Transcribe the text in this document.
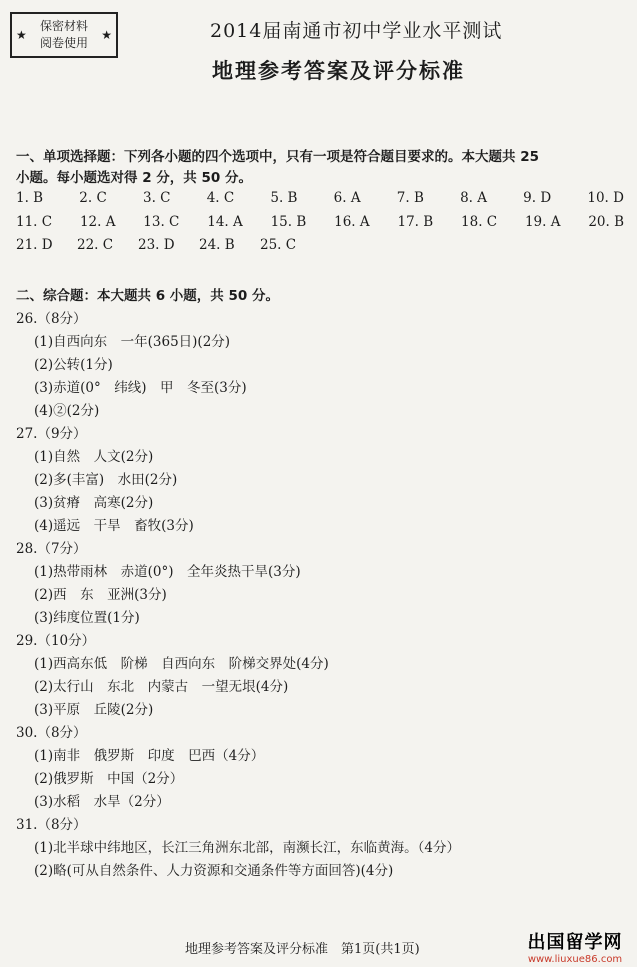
★
保密材料
阅卷使用
★	2014届南通市初中学业水平测试
地理参考答案及评分标准
一、单项选择题：下列各小题的四个选项中，只有一项是符合题目要求的。本大题共 25
小题。每小题选对得 2 分，共 50 分。
1. B	2. C	3. C	4. C	5. B	6. A	7. B	8. A	9. D	10. D
11. C 12. A 13. C 14. A 15. B 16. A 17. B 18. C 19. A 20. B
21. D	22. C	23. D	24. B	25. C
二、综合题：本大题共 6 小题，共 50 分。
26.（8分）
(1)自西向东　一年(365日)(2分)
(2)公转(1分)
(3)赤道(0°　纬线)　甲　冬至(3分)
(4)②(2分)
27.（9分）
(1)自然　人文(2分)
(2)多(丰富)　水田(2分)
(3)贫瘠　高寒(2分)
(4)遥远　干旱　畜牧(3分)
28.（7分）
(1)热带雨林　赤道(0°)　全年炎热干旱(3分)
(2)西　东　亚洲(3分)
(3)纬度位置(1分)
29.（10分）
(1)西高东低　阶梯　自西向东　阶梯交界处(4分)
(2)太行山　东北　内蒙古　一望无垠(4分)
(3)平原　丘陵(2分)
30.（8分）
(1)南非　俄罗斯　印度　巴西（4分）
(2)俄罗斯　中国（2分）
(3)水稻　水旱（2分）
31.（8分）
(1)北半球中纬地区，长江三角洲东北部，南濒长江，东临黄海。（4分）
(2)略(可从自然条件、人力资源和交通条件等方面回答)(4分)
地理参考答案及评分标准　第1页(共1页)	出国留学网
www.liuxue86.com
